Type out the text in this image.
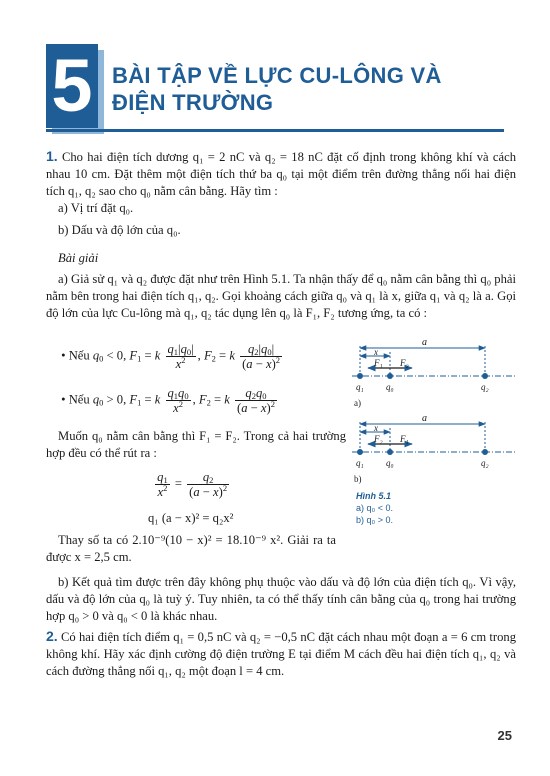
5 BÀI TẬP VỀ LỰC CU-LÔNG VÀ
ĐIỆN TRƯỜNG
1. Cho hai điện tích dương q₁ = 2 nC và q₂ = 18 nC đặt cố định trong không khí và cách nhau 10 cm. Đặt thêm một điện tích thứ ba q₀ tại một điểm trên đường thẳng nối hai điện tích q₁, q₂ sao cho q₀ nằm cân bằng. Hãy tìm :
a) Vị trí đặt q₀.
b) Dấu và độ lớn của q₀.
Bài giải
a) Giả sử q₁ và q₂ được đặt như trên Hình 5.1. Ta nhận thấy để q₀ nằm cân bằng thì q₀ phải nằm bên trong hai điện tích q₁, q₂. Gọi khoảng cách giữa q₀ và q₁ là x, giữa q₁ và q₂ là a. Gọi độ lớn của lực Cu-lông mà q₁, q₂ tác dụng lên q₀ là F₁, F₂ tương ứng, ta có :
• Nếu $q_0 < 0$, $F_1 = k \frac{q_1|q_0|}{x^2}$ , $F_2 = k \frac{q_2|q_0|}{(a - x)^2}$
• Nếu $q_0 > 0$, $F_1 = k \frac{q_1q_0}{x^2}$ , $F_2 = k \frac{q_2q_0}{(a - x)^2}$
Muốn q₀ nằm cân bằng thì F₁ = F₂. Trong cả hai trường hợp đều có thể rút ra :

$\frac{q_1}{x^2} = \frac{q_2}{(a - x)^2}$
q₁ (a − x)² = q₂x²
Thay số ta có 2.10⁻⁹(10 − x)² = 18.10⁻⁹ x². Giải ra ta được x = 2,5 cm.
b) Kết quả tìm được trên đây không phụ thuộc vào dấu và độ lớn của điện tích q₀. Vì vậy, dấu và độ lớn của q₀ là tuỳ ý. Tuy nhiên, ta có thể thấy tính cân bằng của q₀ trong hai trường hợp q₀ > 0 và q₀ < 0 là khác nhau.
a
x
F₁ F₂
q₁ q₀	q₂
a)
a
x
F₁
F₂
q₁ q₀	q₂
b)
Hình 5.1
a) q₀ < 0.
b) q₀ > 0.
2. Có hai điện tích điểm q₁ = 0,5 nC và q₂ = −0,5 nC đặt cách nhau một đoạn a = 6 cm trong không khí. Hãy xác định cường độ điện trường E tại điểm M cách đều hai điện tích q₁, q₂ và cách đường thẳng nối q₁, q₂ một đoạn l = 4 cm.
25
